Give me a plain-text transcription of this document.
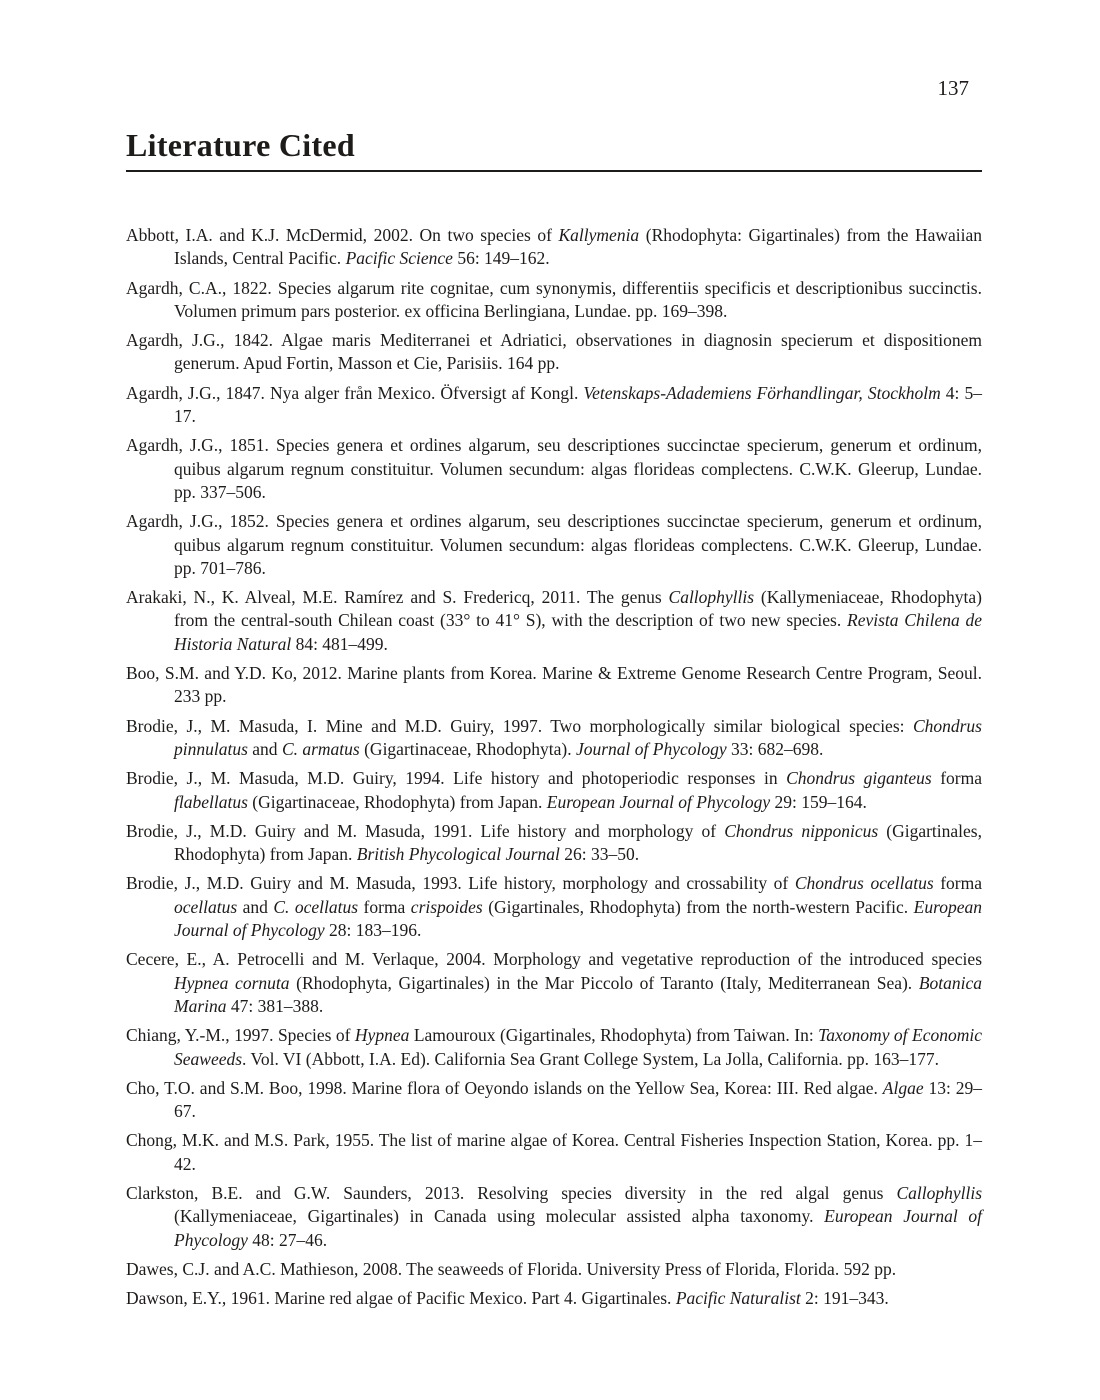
137
Literature Cited

Abbott, I.A. and K.J. McDermid, 2002. On two species of Kallymenia (Rhodophyta: Gigartinales) from the Hawaiian Islands, Central Pacific. Pacific Science 56: 149–162.

Agardh, C.A., 1822. Species algarum rite cognitae, cum synonymis, differentiis specificis et descriptionibus succinctis. Volumen primum pars posterior. ex officina Berlingiana, Lundae. pp. 169–398.

Agardh, J.G., 1842. Algae maris Mediterranei et Adriatici, observationes in diagnosin specierum et dispositionem generum. Apud Fortin, Masson et Cie, Parisiis. 164 pp.

Agardh, J.G., 1847. Nya alger från Mexico. Öfversigt af Kongl. Vetenskaps-Adademiens Förhandlingar, Stockholm 4: 5–17.

Agardh, J.G., 1851. Species genera et ordines algarum, seu descriptiones succinctae specierum, generum et ordinum, quibus algarum regnum constituitur. Volumen secundum: algas florideas complectens. C.W.K. Gleerup, Lundae. pp. 337–506.

Agardh, J.G., 1852. Species genera et ordines algarum, seu descriptiones succinctae specierum, generum et ordinum, quibus algarum regnum constituitur. Volumen secundum: algas florideas complectens. C.W.K. Gleerup, Lundae. pp. 701–786.

Arakaki, N., K. Alveal, M.E. Ramírez and S. Fredericq, 2011. The genus Callophyllis (Kallymeniaceae, Rhodophyta) from the central-south Chilean coast (33° to 41° S), with the description of two new species. Revista Chilena de Historia Natural 84: 481–499.

Boo, S.M. and Y.D. Ko, 2012. Marine plants from Korea. Marine & Extreme Genome Research Centre Program, Seoul. 233 pp.

Brodie, J., M. Masuda, I. Mine and M.D. Guiry, 1997. Two morphologically similar biological species: Chondrus pinnulatus and C. armatus (Gigartinaceae, Rhodophyta). Journal of Phycology 33: 682–698.

Brodie, J., M. Masuda, M.D. Guiry, 1994. Life history and photoperiodic responses in Chondrus giganteus forma flabellatus (Gigartinaceae, Rhodophyta) from Japan. European Journal of Phycology 29: 159–164.

Brodie, J., M.D. Guiry and M. Masuda, 1991. Life history and morphology of Chondrus nipponicus (Gigartinales, Rhodophyta) from Japan. British Phycological Journal 26: 33–50.

Brodie, J., M.D. Guiry and M. Masuda, 1993. Life history, morphology and crossability of Chondrus ocellatus forma ocellatus and C. ocellatus forma crispoides (Gigartinales, Rhodophyta) from the north-western Pacific. European Journal of Phycology 28: 183–196.

Cecere, E., A. Petrocelli and M. Verlaque, 2004. Morphology and vegetative reproduction of the introduced species Hypnea cornuta (Rhodophyta, Gigartinales) in the Mar Piccolo of Taranto (Italy, Mediterranean Sea). Botanica Marina 47: 381–388.

Chiang, Y.-M., 1997. Species of Hypnea Lamouroux (Gigartinales, Rhodophyta) from Taiwan. In: Taxonomy of Economic Seaweeds. Vol. VI (Abbott, I.A. Ed). California Sea Grant College System, La Jolla, California. pp. 163–177.

Cho, T.O. and S.M. Boo, 1998. Marine flora of Oeyondo islands on the Yellow Sea, Korea: III. Red algae. Algae 13: 29–67.

Chong, M.K. and M.S. Park, 1955. The list of marine algae of Korea. Central Fisheries Inspection Station, Korea. pp. 1–42.

Clarkston, B.E. and G.W. Saunders, 2013. Resolving species diversity in the red algal genus Callophyllis (Kallymeniaceae, Gigartinales) in Canada using molecular assisted alpha taxonomy. European Journal of Phycology 48: 27–46.

Dawes, C.J. and A.C. Mathieson, 2008. The seaweeds of Florida. University Press of Florida, Florida. 592 pp.

Dawson, E.Y., 1961. Marine red algae of Pacific Mexico. Part 4. Gigartinales. Pacific Naturalist 2: 191–343.
